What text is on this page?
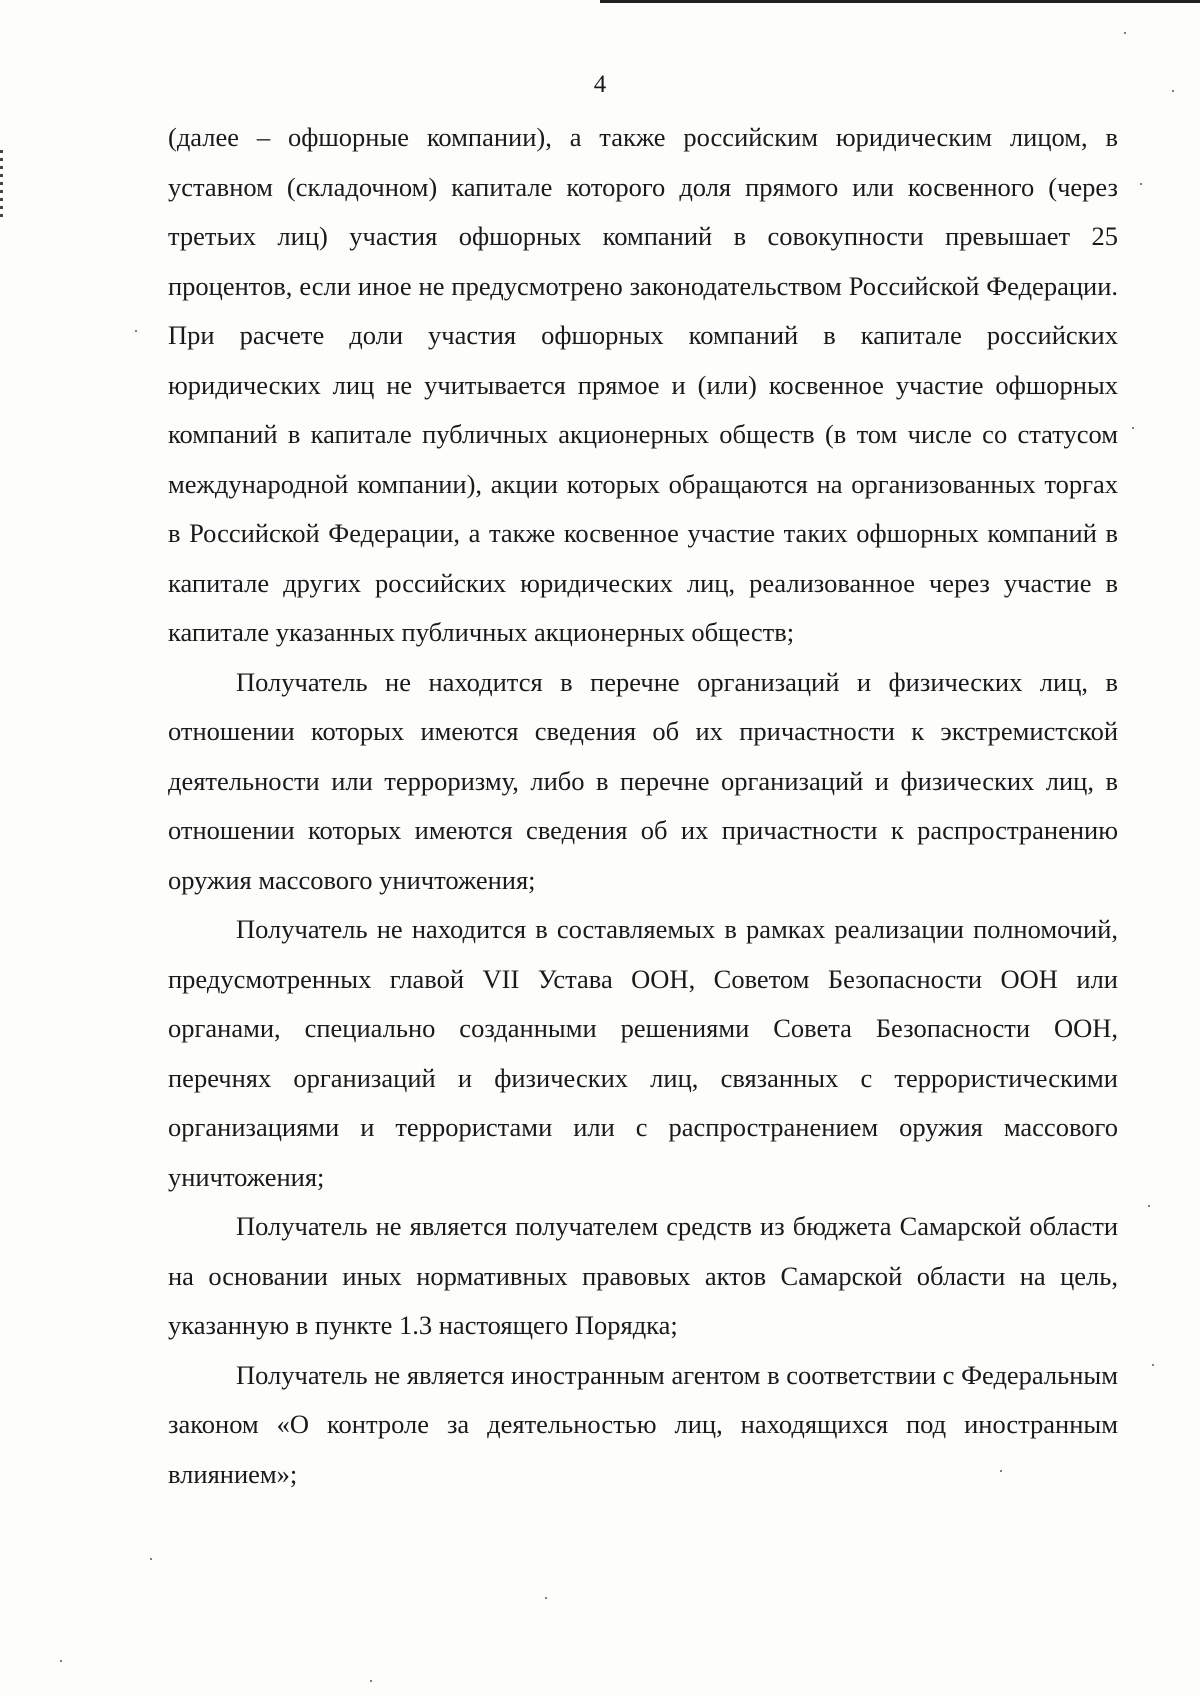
4

(далее – офшорные компании), а также российским юридическим лицом, в уставном (складочном) капитале которого доля прямого или косвенного (через третьих лиц) участия офшорных компаний в совокупности превышает 25 процентов, если иное не предусмотрено законодательством Российской Федерации. При расчете доли участия офшорных компаний в капитале российских юридических лиц не учитывается прямое и (или) косвенное участие офшорных компаний в капитале публичных акционерных обществ (в том числе со статусом международной компании), акции которых обращаются на организованных торгах в Российской Федерации, а также косвенное участие таких офшорных компаний в капитале других российских юридических лиц, реализованное через участие в капитале указанных публичных акционерных обществ;

Получатель не находится в перечне организаций и физических лиц, в отношении которых имеются сведения об их причастности к экстремистской деятельности или терроризму, либо в перечне организаций и физических лиц, в отношении которых имеются сведения об их причастности к распространению оружия массового уничтожения;

Получатель не находится в составляемых в рамках реализации полномочий, предусмотренных главой VII Устава ООН, Советом Безопасности ООН или органами, специально созданными решениями Совета Безопасности ООН, перечнях организаций и физических лиц, связанных с террористическими организациями и террористами или с распространением оружия массового уничтожения;

Получатель не является получателем средств из бюджета Самарской области на основании иных нормативных правовых актов Самарской области на цель, указанную в пункте 1.3 настоящего Порядка;

Получатель не является иностранным агентом в соответствии с Федеральным законом «О контроле за деятельностью лиц, находящихся под иностранным влиянием»;
